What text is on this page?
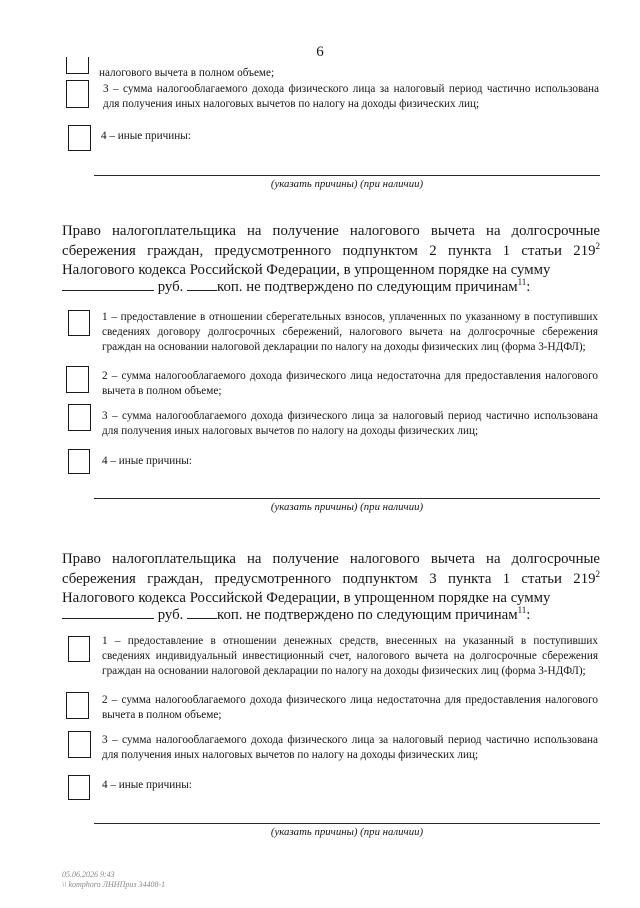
6
налогового вычета в полном объеме;
3 – сумма налогооблагаемого дохода физического лица за налоговый период частично использована для получения иных налоговых вычетов по налогу на доходы физических лиц;
4 – иные причины:
(указать причины) (при наличии)
Право налогоплательщика на получение налогового вычета на долгосрочные сбережения граждан, предусмотренного подпунктом 2 пункта 1 статьи $219^2$ Налогового кодекса Российской Федерации, в упрощенном порядке на сумму
руб. коп. не подтверждено по следующим причинам$^{11}$:
1 – предоставление в отношении сберегательных взносов, уплаченных по указанному в поступивших сведениях договору долгосрочных сбережений, налогового вычета на долгосрочные сбережения граждан на основании налоговой декларации по налогу на доходы физических лиц (форма 3-НДФЛ);
2 – сумма налогооблагаемого дохода физического лица недостаточна для предоставления налогового вычета в полном объеме;
3 – сумма налогооблагаемого дохода физического лица за налоговый период частично использована для получения иных налоговых вычетов по налогу на доходы физических лиц;
4 – иные причины:
(указать причины) (при наличии)
Право налогоплательщика на получение налогового вычета на долгосрочные сбережения граждан, предусмотренного подпунктом 3 пункта 1 статьи $219^2$ Налогового кодекса Российской Федерации, в упрощенном порядке на сумму
руб. коп. не подтверждено по следующим причинам$^{11}$:
1 – предоставление в отношении денежных средств, внесенных на указанный в поступивших сведениях индивидуальный инвестиционный счет, налогового вычета на долгосрочные сбережения граждан на основании налоговой декларации по налогу на доходы физических лиц (форма 3-НДФЛ);
2 – сумма налогооблагаемого дохода физического лица недостаточна для предоставления налогового вычета в полном объеме;
3 – сумма налогооблагаемого дохода физического лица за налоговый период частично использована для получения иных налоговых вычетов по налогу на доходы физических лиц;
4 – иные причины:
(указать причины) (при наличии)
05.06.2026 9:43
\\ komphoro ЛННПриз 34408-1
